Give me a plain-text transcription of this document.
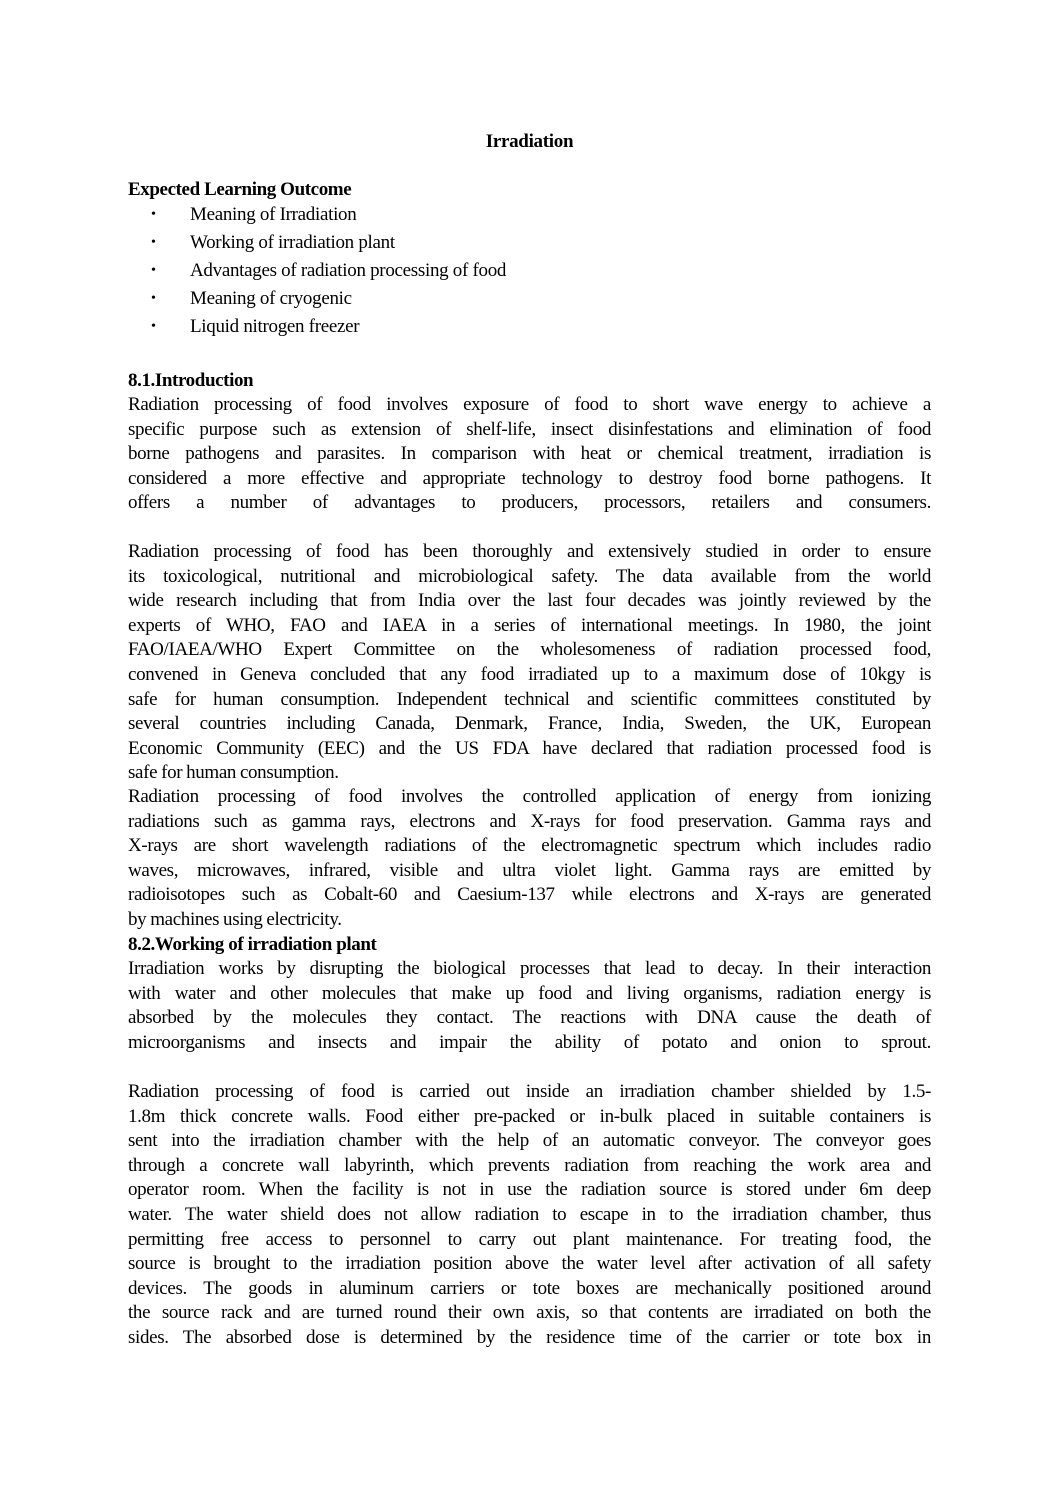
Irradiation
Expected Learning Outcome
• Meaning of Irradiation
• Working of irradiation plant
• Advantages of radiation processing of food
• Meaning of cryogenic
• Liquid nitrogen freezer
8.1.Introduction
Radiation processing of food involves exposure of food to short wave energy to achieve a
specific purpose such as extension of shelf-life, insect disinfestations and elimination of food
borne pathogens and parasites. In comparison with heat or chemical treatment, irradiation is
considered a more effective and appropriate technology to destroy food borne pathogens. It
offers a number of advantages to producers, processors, retailers and consumers.
Radiation processing of food has been thoroughly and extensively studied in order to ensure
its toxicological, nutritional and microbiological safety. The data available from the world
wide research including that from India over the last four decades was jointly reviewed by the
experts of WHO, FAO and IAEA in a series of international meetings. In 1980, the joint
FAO/IAEA/WHO Expert Committee on the wholesomeness of radiation processed food,
convened in Geneva concluded that any food irradiated up to a maximum dose of 10kgy is
safe for human consumption. Independent technical and scientific committees constituted by
several countries including Canada, Denmark, France, India, Sweden, the UK, European
Economic Community (EEC) and the US FDA have declared that radiation processed food is
safe for human consumption.
Radiation processing of food involves the controlled application of energy from ionizing
radiations such as gamma rays, electrons and X-rays for food preservation. Gamma rays and
X-rays are short wavelength radiations of the electromagnetic spectrum which includes radio
waves, microwaves, infrared, visible and ultra violet light. Gamma rays are emitted by
radioisotopes such as Cobalt-60 and Caesium-137 while electrons and X-rays are generated
by machines using electricity.
8.2.Working of irradiation plant
Irradiation works by disrupting the biological processes that lead to decay. In their interaction
with water and other molecules that make up food and living organisms, radiation energy is
absorbed by the molecules they contact. The reactions with DNA cause the death of
microorganisms and insects and impair the ability of potato and onion to sprout.
Radiation processing of food is carried out inside an irradiation chamber shielded by 1.5-
1.8m thick concrete walls. Food either pre-packed or in-bulk placed in suitable containers is
sent into the irradiation chamber with the help of an automatic conveyor. The conveyor goes
through a concrete wall labyrinth, which prevents radiation from reaching the work area and
operator room. When the facility is not in use the radiation source is stored under 6m deep
water. The water shield does not allow radiation to escape in to the irradiation chamber, thus
permitting free access to personnel to carry out plant maintenance. For treating food, the
source is brought to the irradiation position above the water level after activation of all safety
devices. The goods in aluminum carriers or tote boxes are mechanically positioned around
the source rack and are turned round their own axis, so that contents are irradiated on both the
sides. The absorbed dose is determined by the residence time of the carrier or tote box in
